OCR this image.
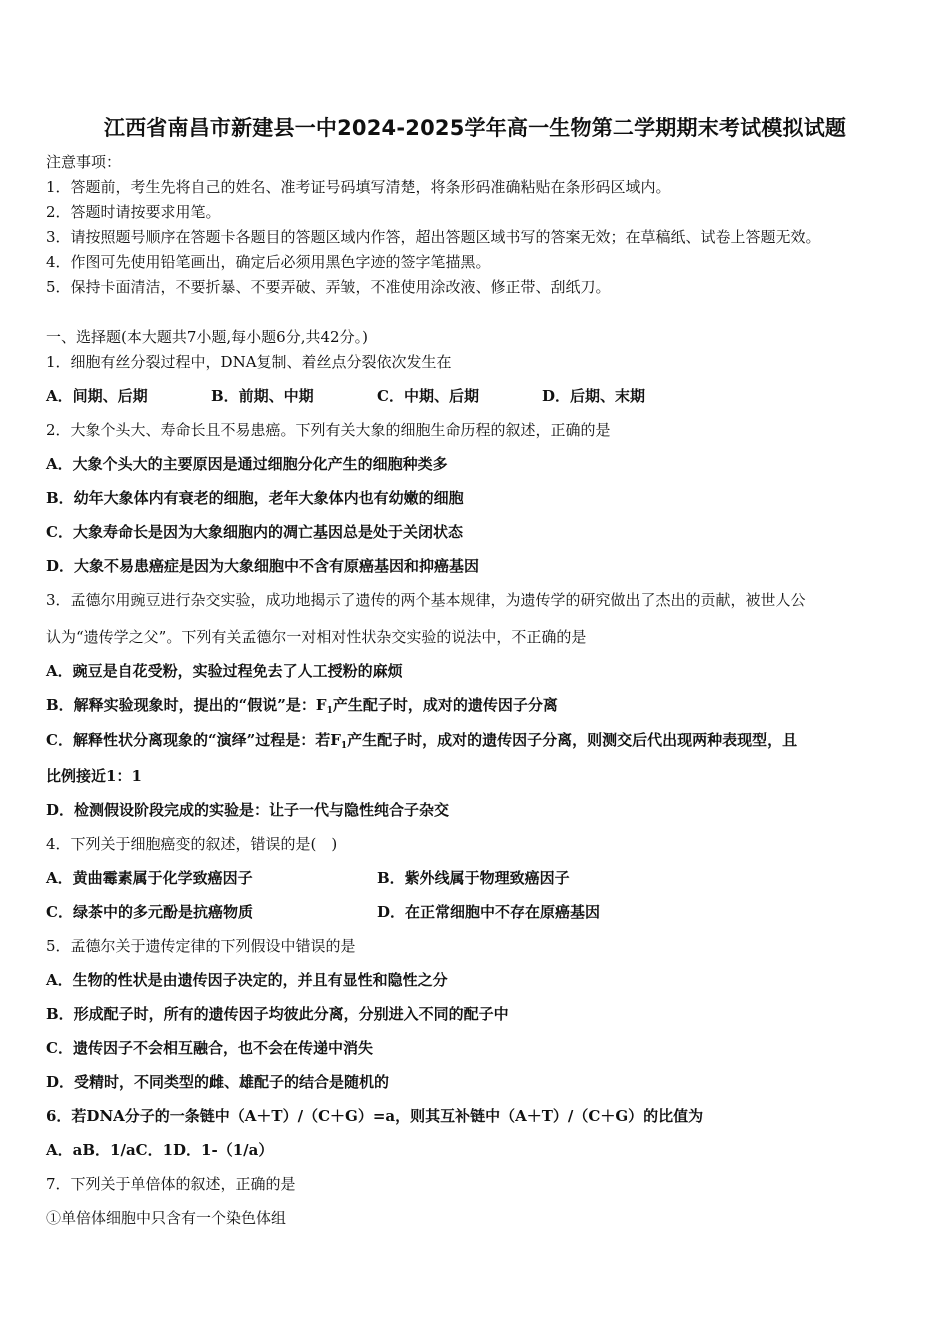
江西省南昌市新建县一中2024-2025学年高一生物第二学期期末考试模拟试题
注意事项：
1．答题前，考生先将自己的姓名、准考证号码填写清楚，将条形码准确粘贴在条形码区域内。
2．答题时请按要求用笔。
3．请按照题号顺序在答题卡各题目的答题区域内作答，超出答题区域书写的答案无效；在草稿纸、试卷上答题无效。
4．作图可先使用铅笔画出，确定后必须用黑色字迹的签字笔描黑。
5．保持卡面清洁，不要折暴、不要弄破、弄皱，不准使用涂改液、修正带、刮纸刀。
一、选择题(本大题共7小题,每小题6分,共42分。)
1．细胞有丝分裂过程中，DNA复制、着丝点分裂依次发生在
A．间期、后期	B．前期、中期	C．中期、后期	D．后期、末期
2．大象个头大、寿命长且不易患癌。下列有关大象的细胞生命历程的叙述，正确的是
A．大象个头大的主要原因是通过细胞分化产生的细胞种类多
B．幼年大象体内有衰老的细胞，老年大象体内也有幼嫩的细胞
C．大象寿命长是因为大象细胞内的凋亡基因总是处于关闭状态
D．大象不易患癌症是因为大象细胞中不含有原癌基因和抑癌基因
3．孟德尔用豌豆进行杂交实验，成功地揭示了遗传的两个基本规律，为遗传学的研究做出了杰出的贡献，被世人公
认为“遗传学之父”。下列有关孟德尔一对相对性状杂交实验的说法中，不正确的是
A．豌豆是自花受粉，实验过程免去了人工授粉的麻烦
B．解释实验现象时，提出的“假说”是：$F_1$产生配子时，成对的遗传因子分离
C．解释性状分离现象的“演绎”过程是：若$F_1$产生配子时，成对的遗传因子分离，则测交后代出现两种表现型，且
比例接近1：1
D．检测假设阶段完成的实验是：让子一代与隐性纯合子杂交
4．下列关于细胞癌变的叙述，错误的是(　)
A．黄曲霉素属于化学致癌因子	B．紫外线属于物理致癌因子
C．绿茶中的多元酚是抗癌物质	D．在正常细胞中不存在原癌基因
5．孟德尔关于遗传定律的下列假设中错误的是
A．生物的性状是由遗传因子决定的，并且有显性和隐性之分
B．形成配子时，所有的遗传因子均彼此分离，分别进入不同的配子中
C．遗传因子不会相互融合，也不会在传递中消失
D．受精时，不同类型的雌、雄配子的结合是随机的
6．若DNA分子的一条链中（A＋T）/（C＋G）=a，则其互补链中（A＋T）/（C＋G）的比值为
A．aB．1/aC．1D．1-（1/a）
7．下列关于单倍体的叙述，正确的是
①单倍体细胞中只含有一个染色体组
